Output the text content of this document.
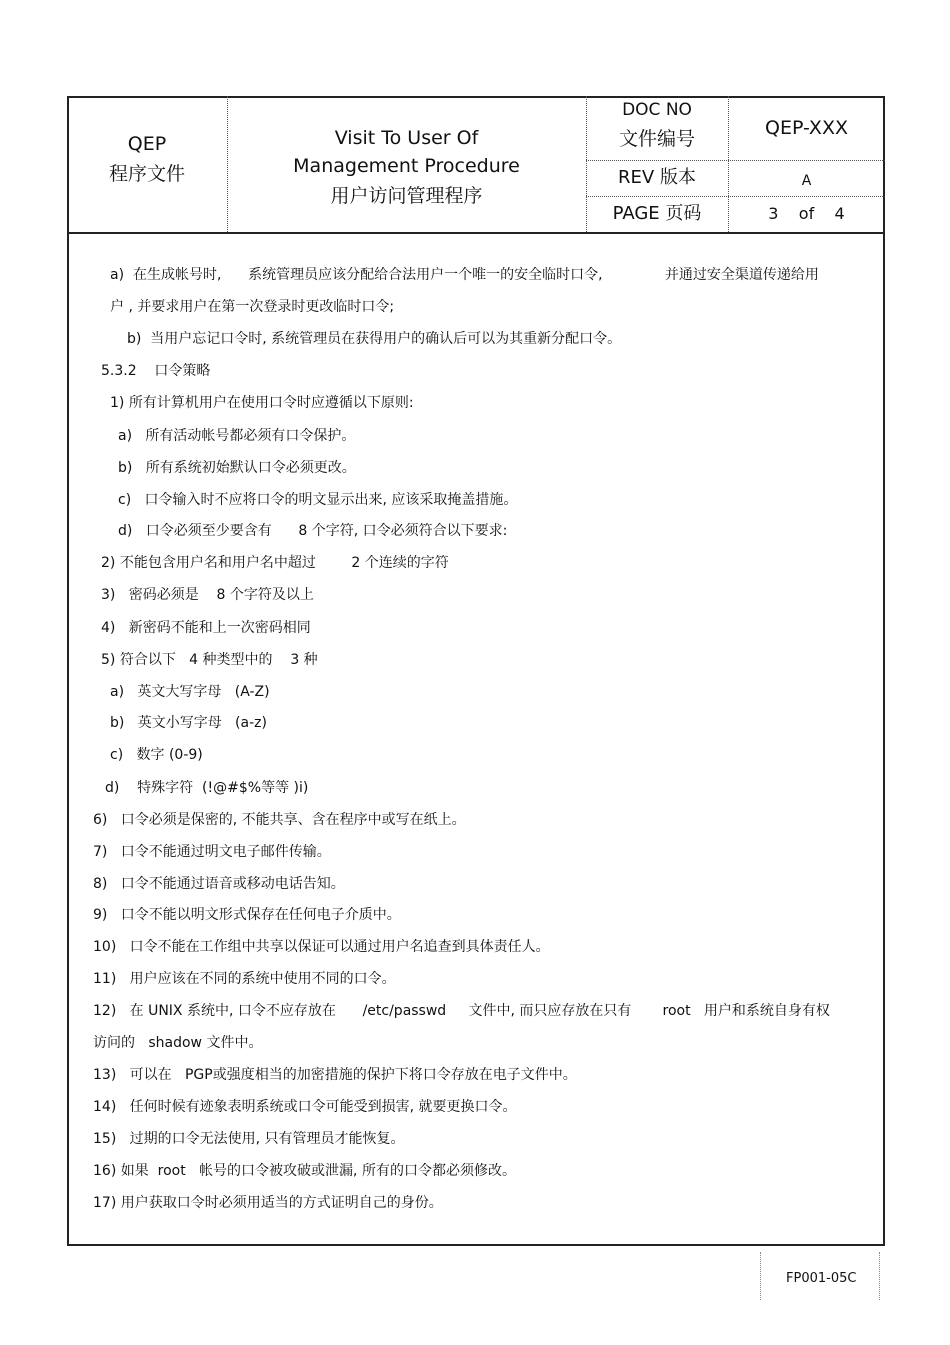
QEP
程序文件
Visit To User Of
Management Procedure
用户访问管理程序
DOC NO
文件编号	QEP-XXX
REV 版本	A
PAGE 页码	3    of    4
a)  在生成帐号时,      系统管理员应该分配给合法用户一个唯一的安全临时口令,              并通过安全渠道传递给用
户 , 并要求用户在第一次登录时更改临时口令;
b)  当用户忘记口令时, 系统管理员在获得用户的确认后可以为其重新分配口令。
5.3.2    口令策略
1) 所有计算机用户在使用口令时应遵循以下原则:
a)   所有活动帐号都必须有口令保护。
b)   所有系统初始默认口令必须更改。
c)   口令输入时不应将口令的明文显示出来, 应该采取掩盖措施。
d)   口令必须至少要含有      8 个字符, 口令必须符合以下要求:
2) 不能包含用户名和用户名中超过        2 个连续的字符
3)   密码必须是    8 个字符及以上
4)   新密码不能和上一次密码相同
5) 符合以下   4 种类型中的    3 种
a)   英文大写字母   (A-Z)
b)   英文小写字母   (a-z)
c)   数字 (0-9)
d)    特殊字符  (!@#$%等等 )i)
6)   口令必须是保密的, 不能共享、含在程序中或写在纸上。
7)   口令不能通过明文电子邮件传输。
8)   口令不能通过语音或移动电话告知。
9)   口令不能以明文形式保存在任何电子介质中。
10)   口令不能在工作组中共享以保证可以通过用户名追查到具体责任人。
11)   用户应该在不同的系统中使用不同的口令。
12)   在 UNIX 系统中, 口令不应存放在      /etc/passwd     文件中, 而只应存放在只有       root   用户和系统自身有权
访问的   shadow 文件中。
13)   可以在   PGP或强度相当的加密措施的保护下将口令存放在电子文件中。
14)   任何时候有迹象表明系统或口令可能受到损害, 就要更换口令。
15)   过期的口令无法使用, 只有管理员才能恢复。
16) 如果  root   帐号的口令被攻破或泄漏, 所有的口令都必须修改。
17) 用户获取口令时必须用适当的方式证明自己的身份。
FP001-05C
